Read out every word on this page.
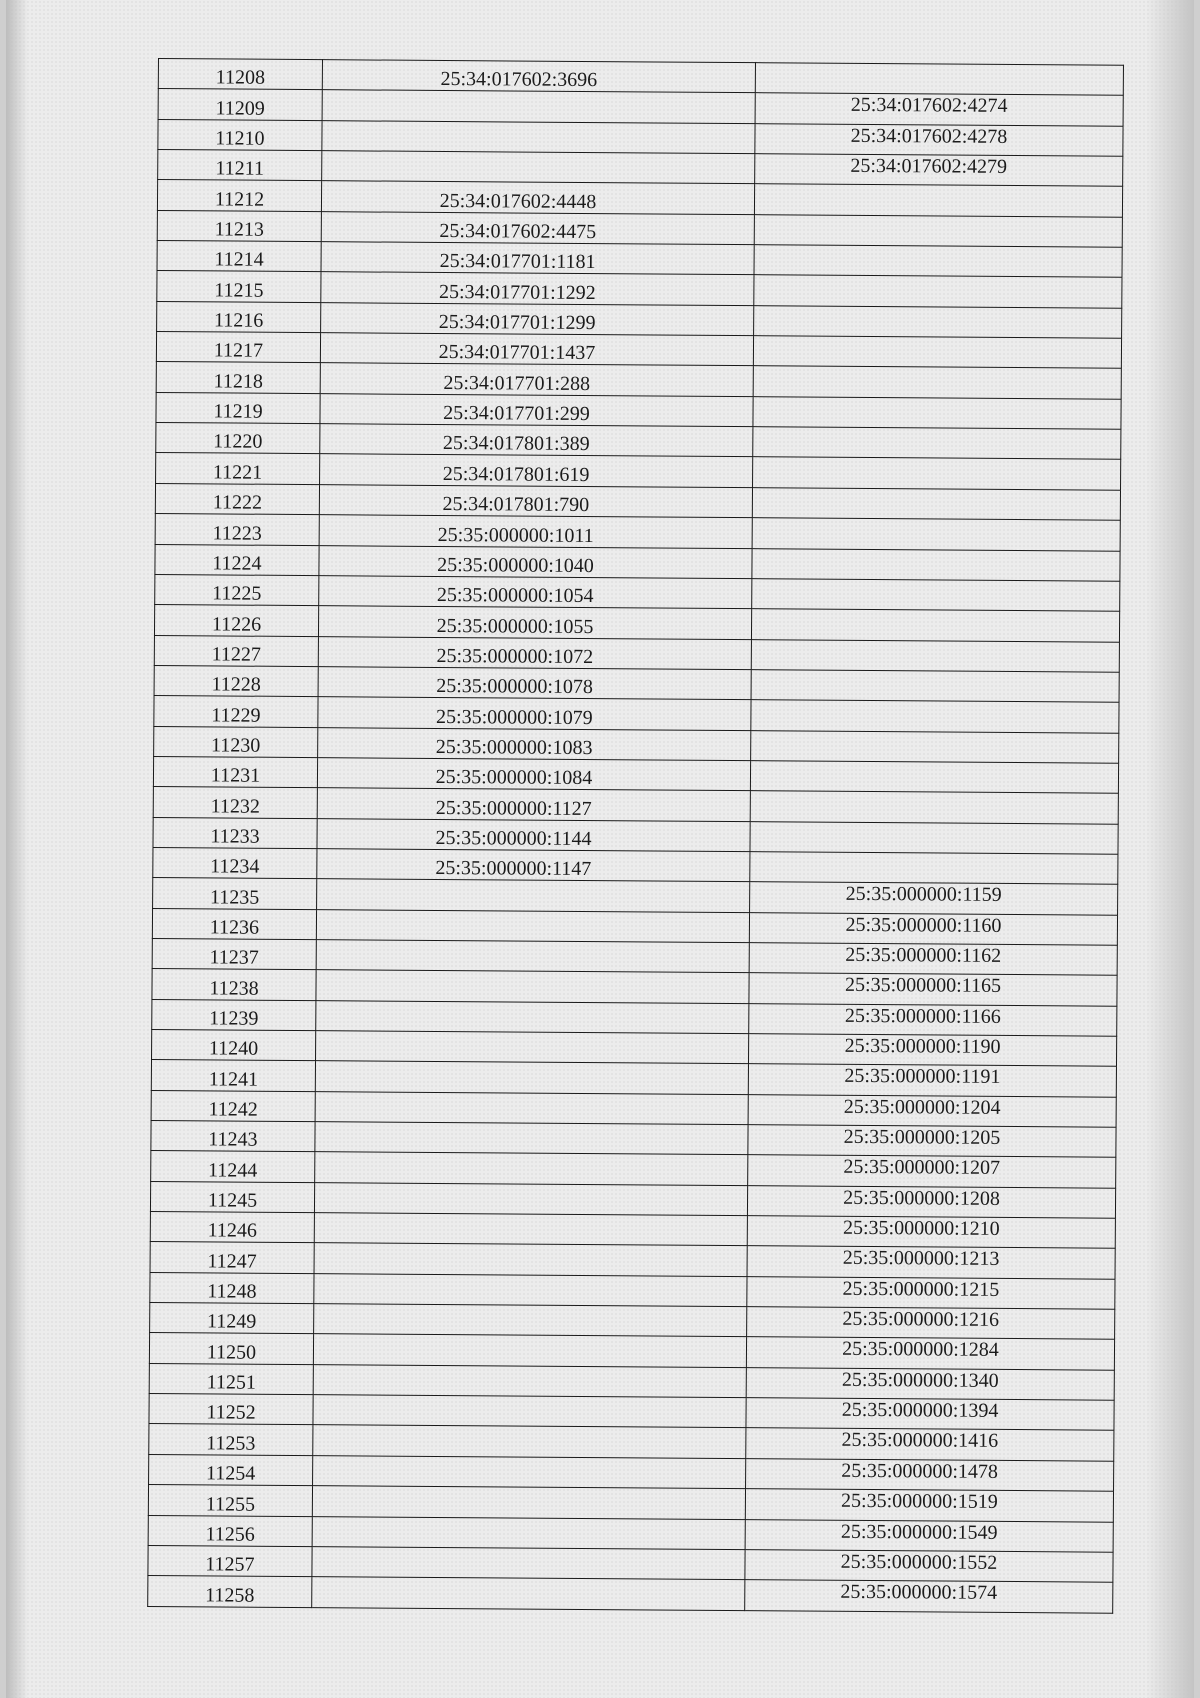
11208	25:34:017602:3696	
11209		25:34:017602:4274
11210		25:34:017602:4278
11211		25:34:017602:4279
11212	25:34:017602:4448	
11213	25:34:017602:4475	
11214	25:34:017701:1181	
11215	25:34:017701:1292	
11216	25:34:017701:1299	
11217	25:34:017701:1437	
11218	25:34:017701:288	
11219	25:34:017701:299	
11220	25:34:017801:389	
11221	25:34:017801:619	
11222	25:34:017801:790	
11223	25:35:000000:1011	
11224	25:35:000000:1040	
11225	25:35:000000:1054	
11226	25:35:000000:1055	
11227	25:35:000000:1072	
11228	25:35:000000:1078	
11229	25:35:000000:1079	
11230	25:35:000000:1083	
11231	25:35:000000:1084	
11232	25:35:000000:1127	
11233	25:35:000000:1144	
11234	25:35:000000:1147	
11235		25:35:000000:1159
11236		25:35:000000:1160
11237		25:35:000000:1162
11238		25:35:000000:1165
11239		25:35:000000:1166
11240		25:35:000000:1190
11241		25:35:000000:1191
11242		25:35:000000:1204
11243		25:35:000000:1205
11244		25:35:000000:1207
11245		25:35:000000:1208
11246		25:35:000000:1210
11247		25:35:000000:1213
11248		25:35:000000:1215
11249		25:35:000000:1216
11250		25:35:000000:1284
11251		25:35:000000:1340
11252		25:35:000000:1394
11253		25:35:000000:1416
11254		25:35:000000:1478
11255		25:35:000000:1519
11256		25:35:000000:1549
11257		25:35:000000:1552
11258		25:35:000000:1574
